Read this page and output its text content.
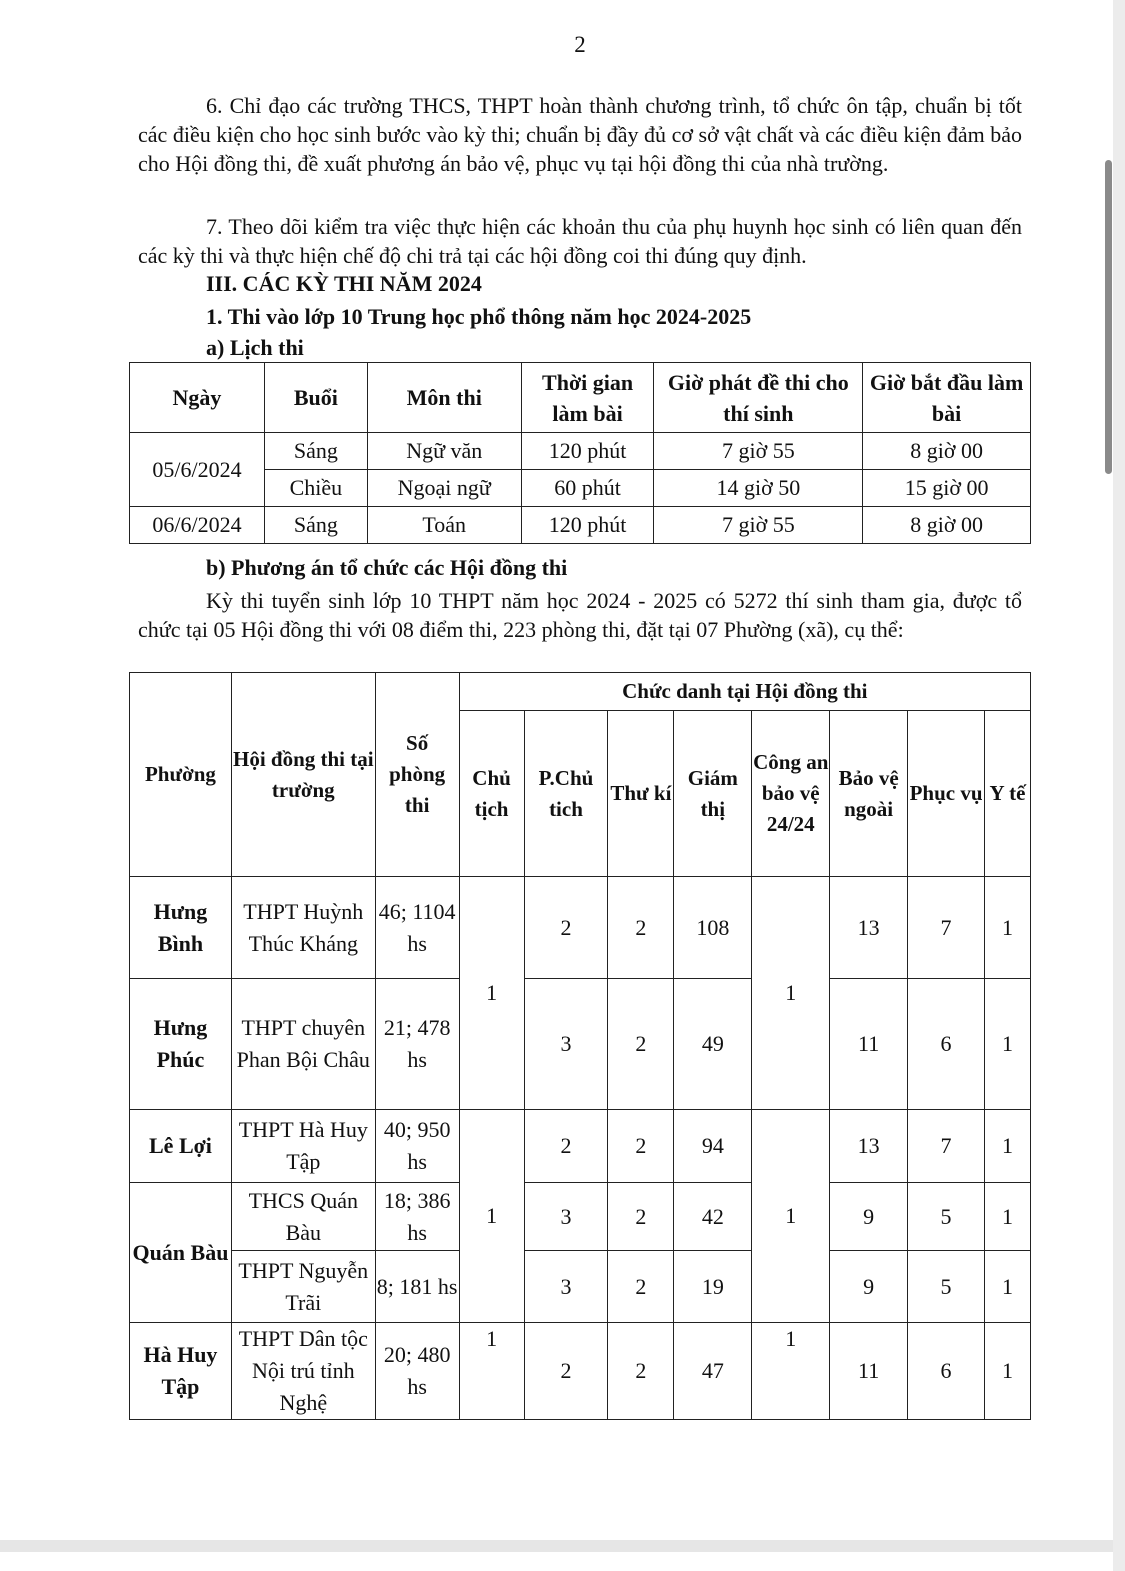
2
6. Chỉ đạo các trường THCS, THPT hoàn thành chương trình, tổ chức ôn tập, chuẩn bị tốt các điều kiện cho học sinh bước vào kỳ thi; chuẩn bị đầy đủ cơ sở vật chất và các điều kiện đảm bảo cho Hội đồng thi, đề xuất phương án bảo vệ, phục vụ tại hội đồng thi của nhà trường.
7. Theo dõi kiểm tra việc thực hiện các khoản thu của phụ huynh học sinh có liên quan đến các kỳ thi và thực hiện chế độ chi trả tại các hội đồng coi thi đúng quy định.
III. CÁC KỲ THI NĂM 2024
1. Thi vào lớp 10 Trung học phổ thông năm học 2024-2025
a) Lịch thi
Ngày	Buổi	Môn thi	Thời gian làm bài	Giờ phát đề thi cho thí sinh	Giờ bắt đầu làm bài
05/6/2024	Sáng	Ngữ văn	120 phút	7 giờ 55	8 giờ 00
	Chiều	Ngoại ngữ	60 phút	14 giờ 50	15 giờ 00
06/6/2024	Sáng	Toán	120 phút	7 giờ 55	8 giờ 00
b) Phương án tổ chức các Hội đồng thi
Kỳ thi tuyển sinh lớp 10 THPT năm học 2024 - 2025 có 5272 thí sinh tham gia, được tổ chức tại 05 Hội đồng thi với 08 điểm thi, 223 phòng thi, đặt tại 07 Phường (xã), cụ thể:
Phường	Hội đồng thi tại trường	Số phòng thi	Chức danh tại Hội đồng thi							
			Chủ tịch	P.Chủ tich	Thư kí	Giám thị	Công an bảo vệ 24/24	Bảo vệ ngoài	Phục vụ	Y tế
Hưng Bình	THPT Huỳnh Thúc Kháng	46; 1104 hs	1	2	2	108	1	13	7	1
Hưng Phúc	THPT chuyên Phan Bội Châu	21; 478 hs		3	2	49		11	6	1
Lê Lợi	THPT Hà Huy Tập	40; 950 hs	1	2	2	94	1	13	7	1
Quán Bàu	THCS Quán Bàu	18; 386 hs		3	2	42		9	5	1
	THPT Nguyễn Trãi	8; 181 hs		3	2	19		9	5	1
Hà Huy Tập	THPT Dân tộc Nội trú tỉnh Nghệ	20; 480 hs	1	2	2	47	1	11	6	1
